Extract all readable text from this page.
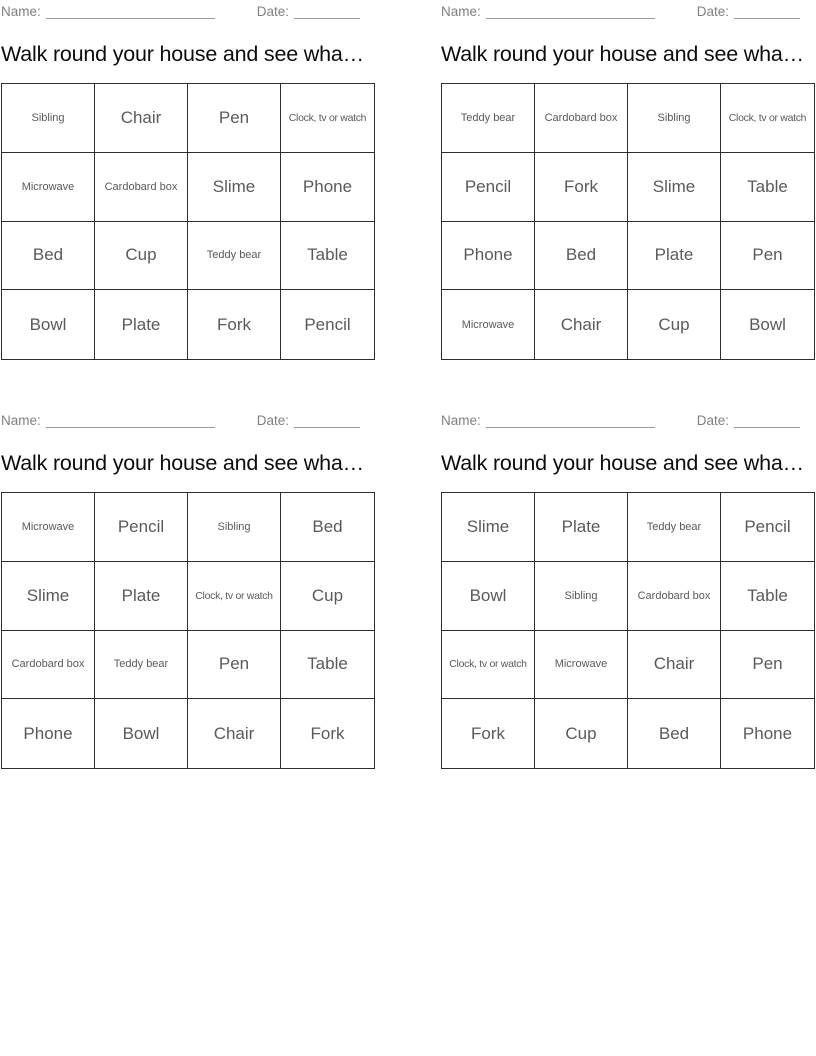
Name:	Date:
Walk round your house and see wha…
Sibling	Chair	Pen	Clock, tv or watch
Microwave	Cardobard box	Slime	Phone
Bed	Cup	Teddy bear	Table
Bowl	Plate	Fork	Pencil
Name:	Date:
Walk round your house and see wha…
Teddy bear	Cardobard box	Sibling	Clock, tv or watch
Pencil	Fork	Slime	Table
Phone	Bed	Plate	Pen
Microwave	Chair	Cup	Bowl
Name:	Date:
Walk round your house and see wha…
Microwave	Pencil	Sibling	Bed
Slime	Plate	Clock, tv or watch	Cup
Cardobard box	Teddy bear	Pen	Table
Phone	Bowl	Chair	Fork
Name:	Date:
Walk round your house and see wha…
Slime	Plate	Teddy bear	Pencil
Bowl	Sibling	Cardobard box	Table
Clock, tv or watch	Microwave	Chair	Pen
Fork	Cup	Bed	Phone
